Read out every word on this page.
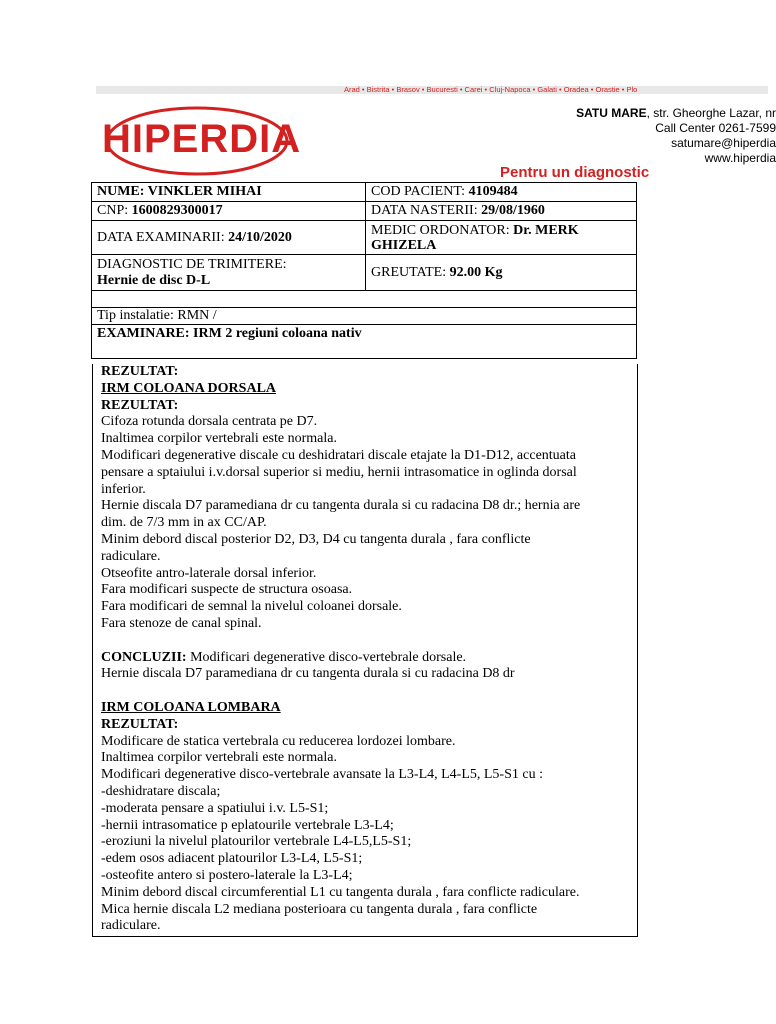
Arad • Bistrita • Brasov • Bucuresti • Carei • Cluj-Napoca • Galati • Oradea • Orastie • Plo
HIPERDIA
SATU MARE, str. Gheorghe Lazar, nr
Call Center 0261-7599
satumare@hiperdia
www.hiperdia
Pentru un diagnostic
NUME: VINKLER MIHAI	COD PACIENT: 4109484
CNP: 1600829300017	DATA NASTERII: 29/08/1960
DATA EXAMINARII: 24/10/2020	MEDIC ORDONATOR: Dr. MERK
GHIZELA
DIAGNOSTIC DE TRIMITERE:
Hernie de disc D-L	GREUTATE: 92.00 Kg

Tip instalatie: RMN /	
EXAMINARE: IRM 2 regiuni coloana nativ	
REZULTAT:
IRM COLOANA DORSALA
REZULTAT:
Cifoza rotunda dorsala centrata pe D7.
Inaltimea corpilor vertebrali este normala.
Modificari degenerative discale cu deshidratari discale etajate la D1-D12, accentuata
pensare a sptaiului i.v.dorsal superior si mediu, hernii intrasomatice in oglinda dorsal
inferior.
Hernie discala D7 paramediana dr cu tangenta durala si cu radacina D8 dr.; hernia are
dim. de 7/3 mm in ax CC/AP.
Minim debord discal posterior D2, D3, D4 cu tangenta durala , fara conflicte
radiculare.
Otseofite antro-laterale dorsal inferior.
Fara modificari suspecte de structura osoasa.
Fara modificari de semnal la nivelul coloanei dorsale.
Fara stenoze de canal spinal.
CONCLUZII: Modificari degenerative disco-vertebrale dorsale.
Hernie discala D7 paramediana dr cu tangenta durala si cu radacina D8 dr
IRM COLOANA LOMBARA
REZULTAT:
Modificare de statica vertebrala cu reducerea lordozei lombare.
Inaltimea corpilor vertebrali este normala.
Modificari degenerative disco-vertebrale avansate la L3-L4, L4-L5, L5-S1 cu :
-deshidratare discala;
-moderata pensare a spatiului i.v. L5-S1;
-hernii intrasomatice p eplatourile vertebrale L3-L4;
-eroziuni la nivelul platourilor vertebrale L4-L5,L5-S1;
-edem osos adiacent platourilor L3-L4, L5-S1;
-osteofite antero si postero-laterale la L3-L4;
Minim debord discal circumferential L1 cu tangenta durala , fara conflicte radiculare.
Mica hernie discala L2 mediana posterioara cu tangenta durala , fara conflicte
radiculare.
